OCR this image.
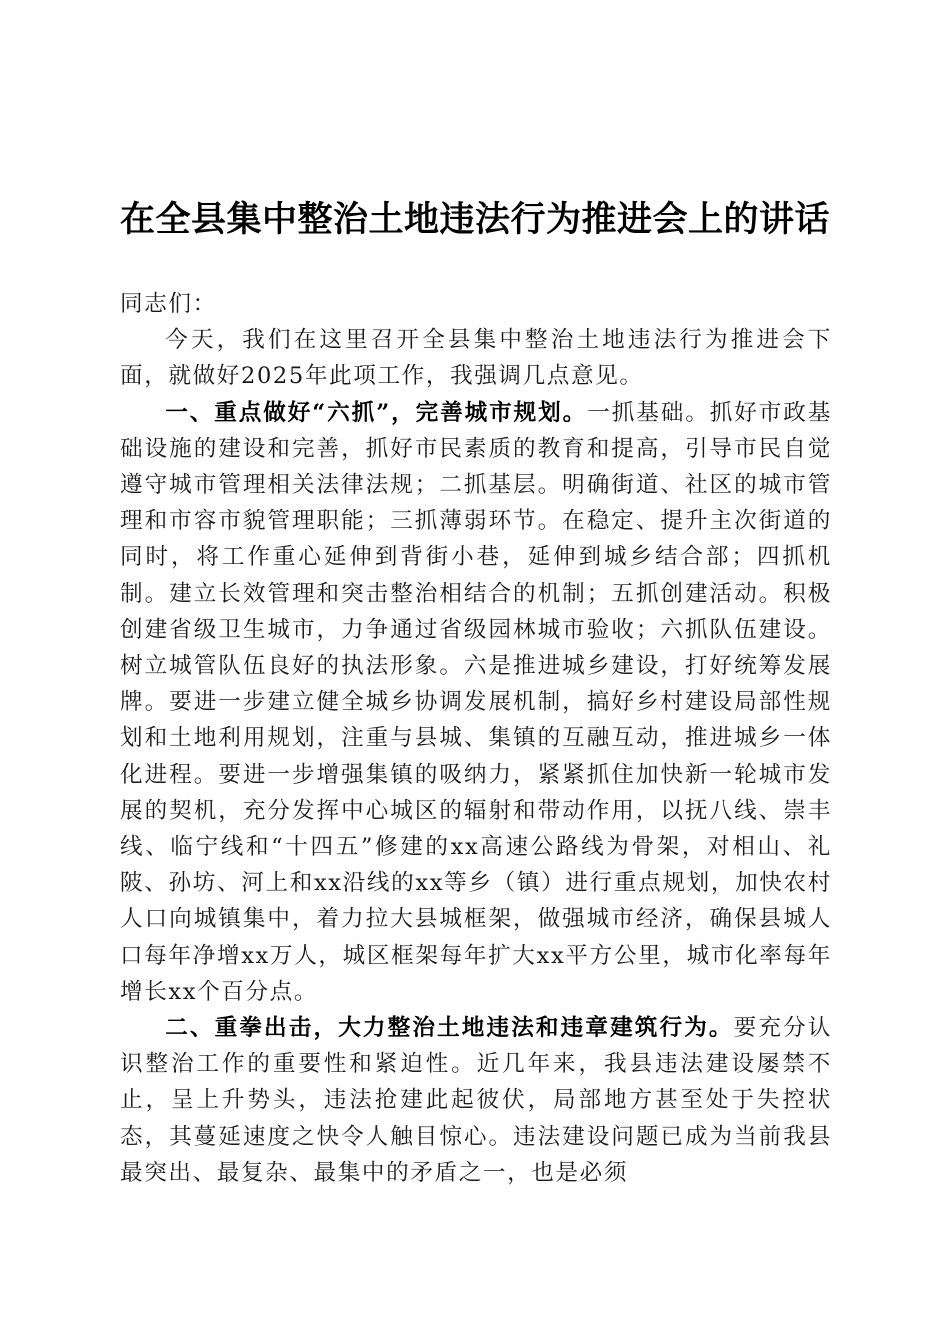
在全县集中整治土地违法行为推进会上的讲话

同志们：

今天，我们在这里召开全县集中整治土地违法行为推进会下面，就做好2025年此项工作，我强调几点意见。

一、重点做好“六抓”，完善城市规划。一抓基础。抓好市政基础设施的建设和完善，抓好市民素质的教育和提高，引导市民自觉遵守城市管理相关法律法规；二抓基层。明确街道、社区的城市管理和市容市貌管理职能；三抓薄弱环节。在稳定、提升主次街道的同时，将工作重心延伸到背街小巷，延伸到城乡结合部；四抓机制。建立长效管理和突击整治相结合的机制；五抓创建活动。积极创建省级卫生城市，力争通过省级园林城市验收；六抓队伍建设。树立城管队伍良好的执法形象。六是推进城乡建设，打好统筹发展牌。要进一步建立健全城乡协调发展机制，搞好乡村建设局部性规划和土地利用规划，注重与县城、集镇的互融互动，推进城乡一体化进程。要进一步增强集镇的吸纳力，紧紧抓住加快新一轮城市发展的契机，充分发挥中心城区的辐射和带动作用，以抚八线、崇丰线、临宁线和“十四五”修建的xx高速公路线为骨架，对相山、礼陂、孙坊、河上和xx沿线的xx等乡（镇）进行重点规划，加快农村人口向城镇集中，着力拉大县城框架，做强城市经济，确保县城人口每年净增xx万人，城区框架每年扩大xx平方公里，城市化率每年增长xx个百分点。

二、重拳出击，大力整治土地违法和违章建筑行为。要充分认识整治工作的重要性和紧迫性。近几年来，我县违法建设屡禁不止，呈上升势头，违法抢建此起彼伏，局部地方甚至处于失控状态，其蔓延速度之快令人触目惊心。违法建设问题已成为当前我县最突出、最复杂、最集中的矛盾之一，也是必须
